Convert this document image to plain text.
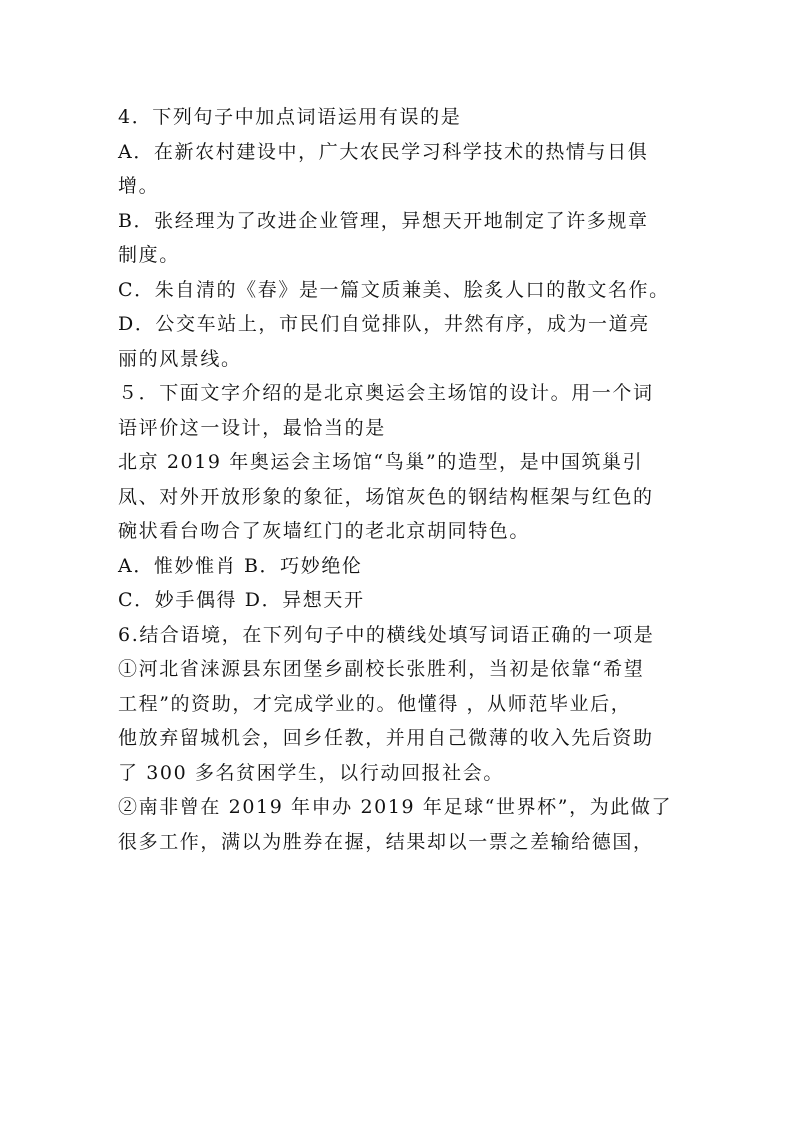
4．下列句子中加点词语运用有误的是
A．在新农村建设中，广大农民学习科学技术的热情与日俱
增。
B．张经理为了改进企业管理，异想天开地制定了许多规章
制度。
C．朱自清的《春》是一篇文质兼美、脍炙人口的散文名作。
D．公交车站上，市民们自觉排队，井然有序，成为一道亮
丽的风景线。
５．下面文字介绍的是北京奥运会主场馆的设计。用一个词
语评价这一设计，最恰当的是
北京 2019 年奥运会主场馆“鸟巢”的造型，是中国筑巢引
凤、对外开放形象的象征，场馆灰色的钢结构框架与红色的
碗状看台吻合了灰墙红门的老北京胡同特色。
A．惟妙惟肖 B．巧妙绝伦
C．妙手偶得 D．异想天开
6.结合语境，在下列句子中的横线处填写词语正确的一项是
①河北省涞源县东团堡乡副校长张胜利，当初是依靠“希望
工程”的资助，才完成学业的。他懂得 ，从师范毕业后，
他放弃留城机会，回乡任教，并用自己微薄的收入先后资助
了 300 多名贫困学生，以行动回报社会。
②南非曾在 2019 年申办 2019 年足球“世界杯”，为此做了
很多工作，满以为胜券在握，结果却以一票之差输给德国，
